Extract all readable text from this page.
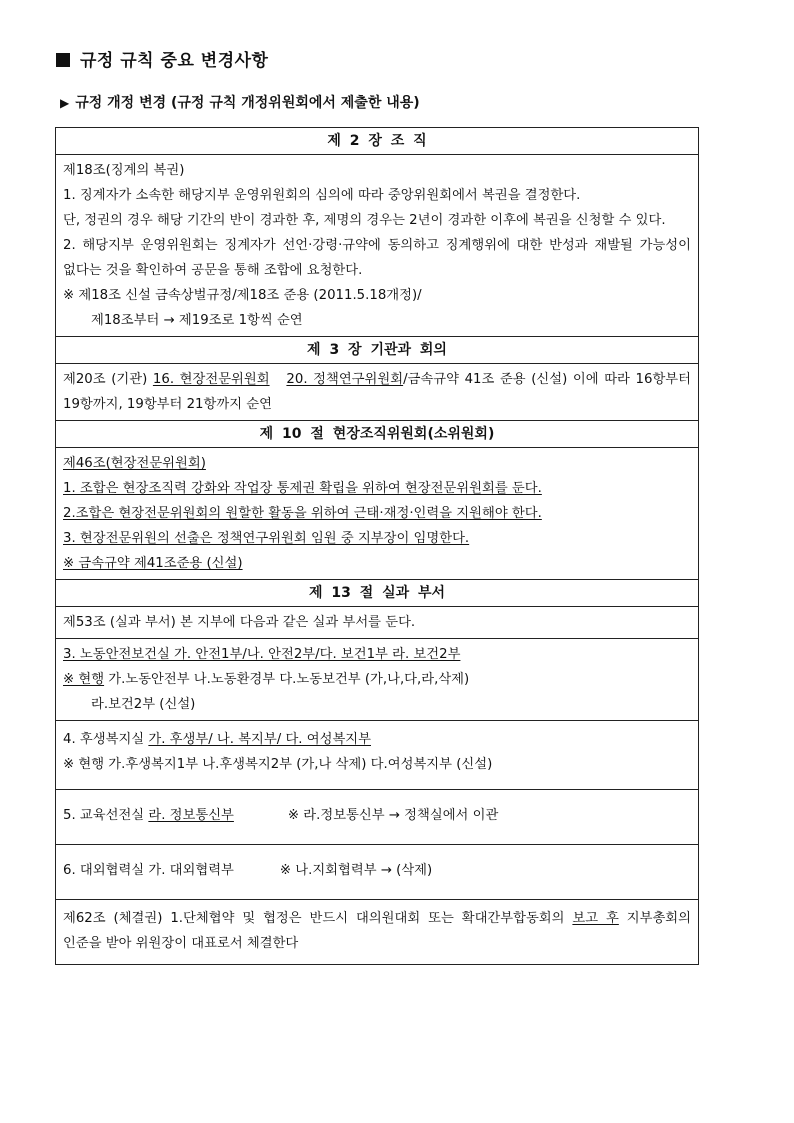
규정 규칙 중요 변경사항
▶ 규정 개정 변경 (규정 규칙 개정위원회에서 제출한 내용)
제 2 장 조 직

제18조(징계의 복권)
1. 징계자가 소속한 해당지부 운영위원회의 심의에 따라 중앙위원회에서 복권을 결정한다.
단, 정권의 경우 해당 기간의 반이 경과한 후, 제명의 경우는 2년이 경과한 이후에 복권을 신청할 수 있다.
2. 해당지부 운영위원회는 징계자가 선언·강령·규약에 동의하고 징계행위에 대한 반성과 재발될 가능성이 없다는 것을 확인하여 공문을 통해 조합에 요청한다.
※ 제18조 신설 금속상벌규정/제18조 준용 (2011.5.18개정)/
제18조부터 → 제19조로 1항씩 순연

제 3 장 기관과 회의
제20조 (기관) 16. 현장전문위원회 20. 정책연구위원회/금속규약 41조 준용 (신설) 이에 따라 16항부터 19항까지, 19항부터 21항까지 순연
제 10 절 현장조직위원회(소위원회)

제46조(현장전문위원회)
1. 조합은 현장조직력 강화와 작업장 통제권 확립을 위하여 현장전문위원회를 둔다.
2.조합은 현장전문위원회의 원할한 활동을 위하여 근태·재정·인력을 지원해야 한다.
3. 현장전문위원의 선출은 정책연구위원회 임원 중 지부장이 임명한다.
※ 금속규약 제41조준용 (신설)

제 13 절 실과 부서
제53조 (실과 부서) 본 지부에 다음과 같은 실과 부서를 둔다.

3. 노동안전보건실 가. 안전1부/나. 안전2부/다. 보건1부 라. 보건2부
※ 현행 가.노동안전부 나.노동환경부 다.노동보건부 (가,나,다,라,삭제)
라.보건2부 (신설)

4. 후생복지실 가. 후생부/ 나. 복지부/ 다. 여성복지부
※ 현행 가.후생복지1부 나.후생복지2부 (가,나 삭제) 다.여성복지부 (신설)

5. 교육선전실 라. 정보통신부	※ 라.정보통신부 → 정책실에서 이관
6. 대외협력실 가. 대외협력부	※ 나.지회협력부 → (삭제)
제62조 (체결권) 1.단체협약 및 협정은 반드시 대의원대회 또는 확대간부합동회의 보고 후 지부총회의 인준을 받아 위원장이 대표로서 체결한다
